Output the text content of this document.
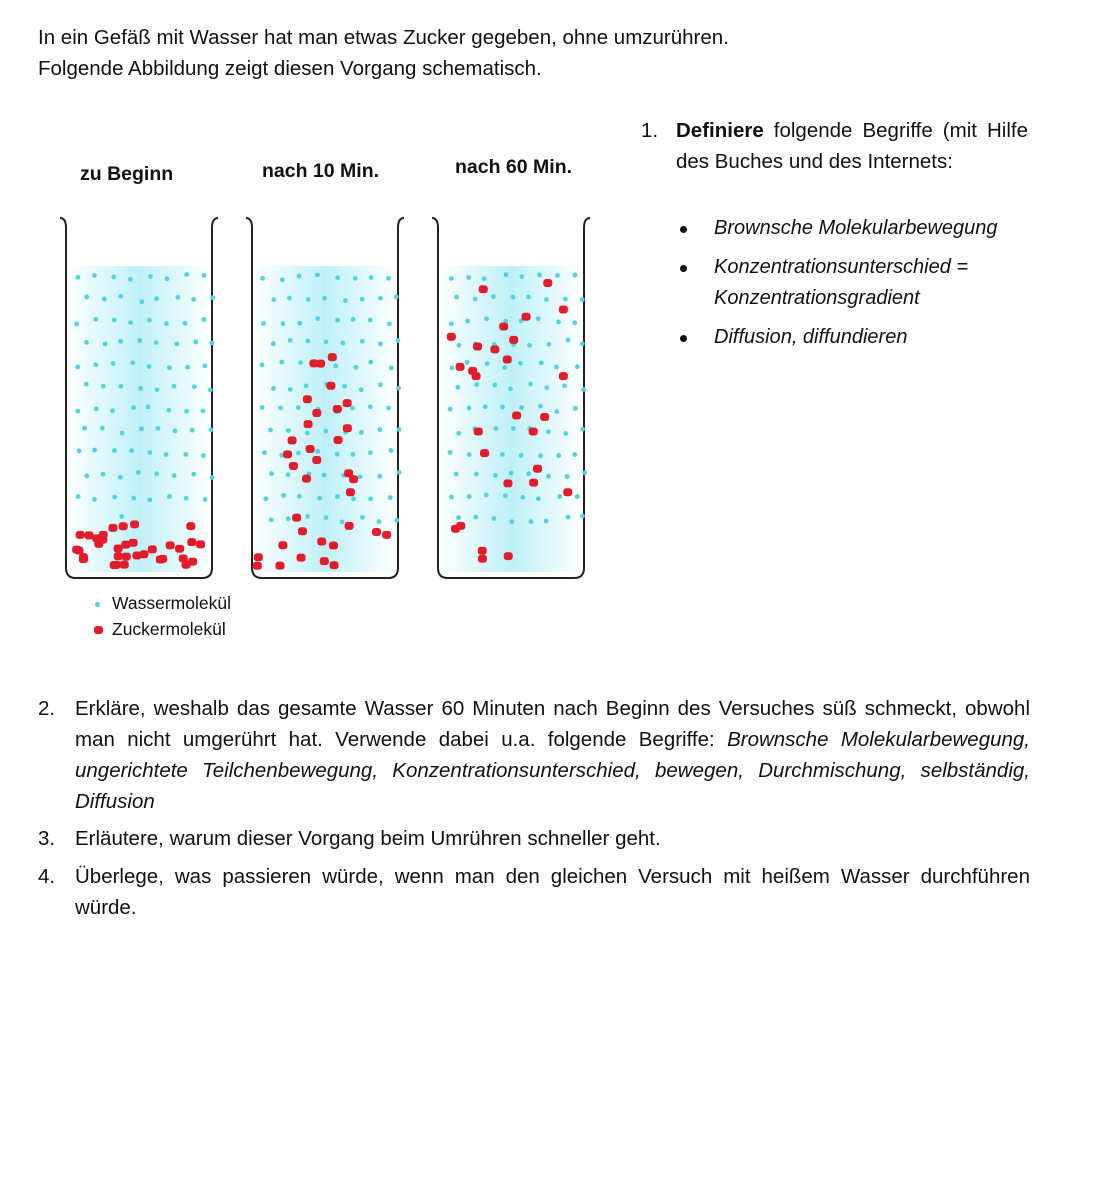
In ein Gefäß mit Wasser hat man etwas Zucker gegeben, ohne umzurühren.
Folgende Abbildung zeigt diesen Vorgang schematisch.
1. Definiere folgende Begriffe (mit Hilfe des Buches und des Internets:
Brownsche Molekularbewegung
Konzentrationsunterschied = Konzentrationsgradient
Diffusion, diffundieren
zu Beginn	nach 10 Min.	nach 60 Min.
Wassermolekül
Zuckermolekül
2. Erkläre, weshalb das gesamte Wasser 60 Minuten nach Beginn des Versuches süß schmeckt, obwohl man nicht umgerührt hat. Verwende dabei u.a. folgende Begriffe: Brownsche Molekularbewegung, ungerichtete Teilchenbewegung, Konzentrationsunterschied, bewegen, Durchmischung, selbständig, Diffusion
3. Erläutere, warum dieser Vorgang beim Umrühren schneller geht.
4. Überlege, was passieren würde, wenn man den gleichen Versuch mit heißem Wasser durchführen würde.
